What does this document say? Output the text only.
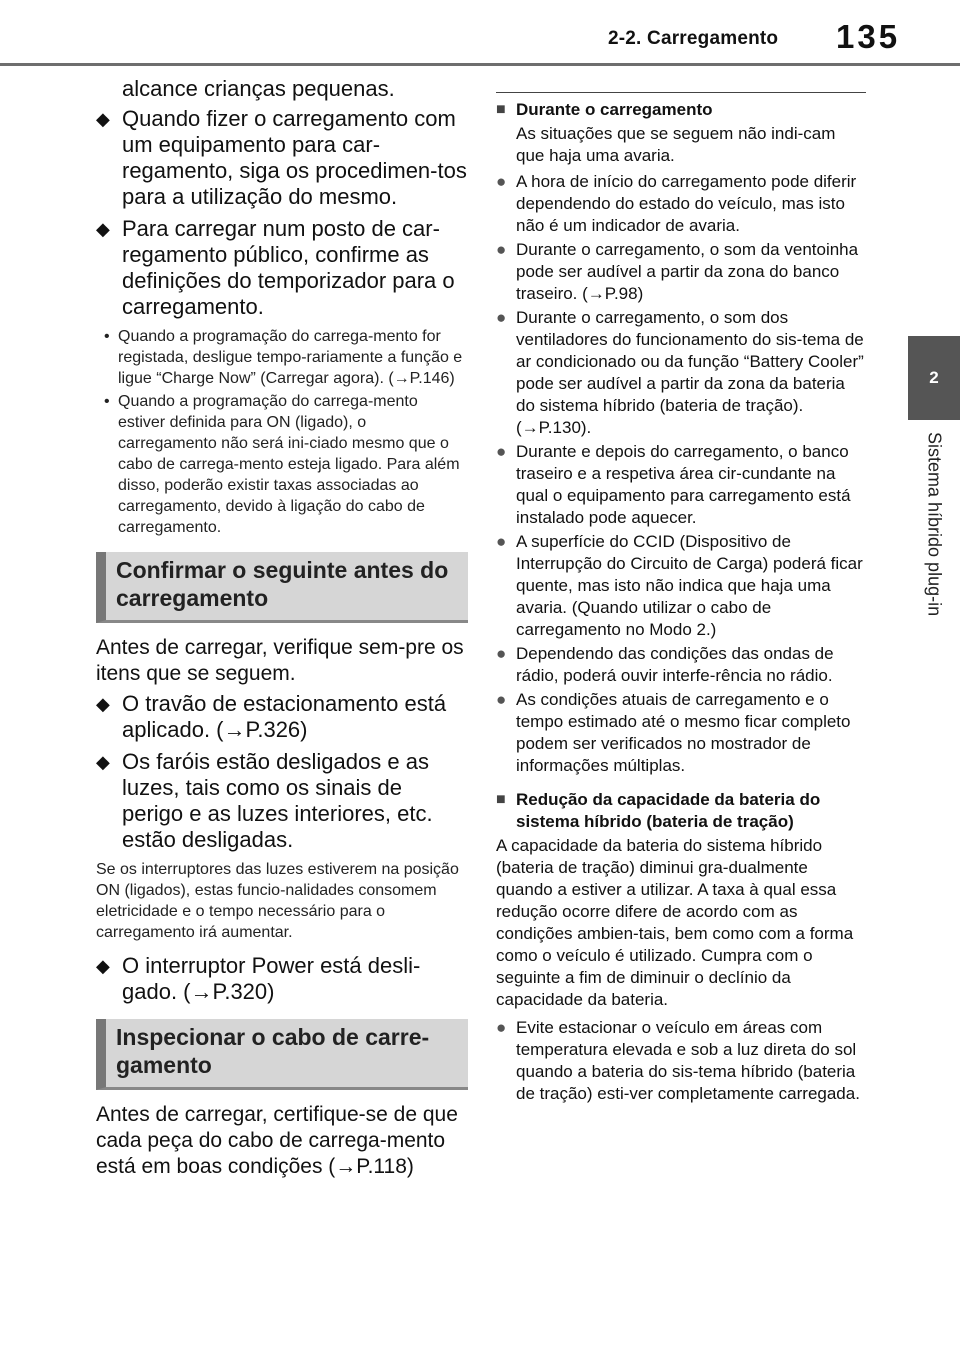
2-2. Carregamento 135
2
Sistema híbrido plug-in

alcance crianças pequenas.

◆ Quando fizer o carregamento com um equipamento para car-regamento, siga os procedimen-tos para a utilização do mesmo.
◆ Para carregar num posto de car-regamento público, confirme as definições do temporizador para o carregamento.
• Quando a programação do carrega-mento for registada, desligue tempo-rariamente a função e ligue “Charge Now” (Carregar agora). (→P.146)
• Quando a programação do carrega-mento estiver definida para ON (ligado), o carregamento não será ini-ciado mesmo que o cabo de carrega-mento esteja ligado. Para além disso, poderão existir taxas associadas ao carregamento, devido à ligação do cabo de carregamento.
Confirmar o seguinte antes do carregamento

Antes de carregar, verifique sem-pre os itens que se seguem.

◆ O travão de estacionamento está aplicado. (→P.326)
◆ Os faróis estão desligados e as luzes, tais como os sinais de perigo e as luzes interiores, etc. estão desligadas.

Se os interruptores das luzes estiverem na posição ON (ligados), estas funcio-nalidades consomem eletricidade e o tempo necessário para o carregamento irá aumentar.

◆ O interruptor Power está desli-gado. (→P.320)
Inspecionar o cabo de carre-gamento

Antes de carregar, certifique-se de que cada peça do cabo de carrega-mento está em boas condições (→P.118)

■ Durante o carregamento

As situações que se seguem não indi-cam que haja uma avaria.

● A hora de início do carregamento pode diferir dependendo do estado do veículo, mas isto não é um indicador de avaria.
● Durante o carregamento, o som da ventoinha pode ser audível a partir da zona do banco traseiro. (→P.98)
● Durante o carregamento, o som dos ventiladores do funcionamento do sis-tema de ar condicionado ou da função “Battery Cooler” pode ser audível a partir da zona da bateria do sistema híbrido (bateria de tração). (→P.130).
● Durante e depois do carregamento, o banco traseiro e a respetiva área cir-cundante na qual o equipamento para carregamento está instalado pode aquecer.
● A superfície do CCID (Dispositivo de Interrupção do Circuito de Carga) poderá ficar quente, mas isto não indica que haja uma avaria. (Quando utilizar o cabo de carregamento no Modo 2.)
● Dependendo das condições das ondas de rádio, poderá ouvir interfe-rência no rádio.
● As condições atuais de carregamento e o tempo estimado até o mesmo ficar completo podem ser verificados no mostrador de informações múltiplas.
■ Redução da capacidade da bateria do sistema híbrido (bateria de tração)

A capacidade da bateria do sistema híbrido (bateria de tração) diminui gra-dualmente quando a estiver a utilizar. A taxa à qual essa redução ocorre difere de acordo com as condições ambien-tais, bem como com a forma como o veículo é utilizado. Cumpra com o seguinte a fim de diminuir o declínio da capacidade da bateria.

● Evite estacionar o veículo em áreas com temperatura elevada e sob a luz direta do sol quando a bateria do sis-tema híbrido (bateria de tração) esti-ver completamente carregada.
